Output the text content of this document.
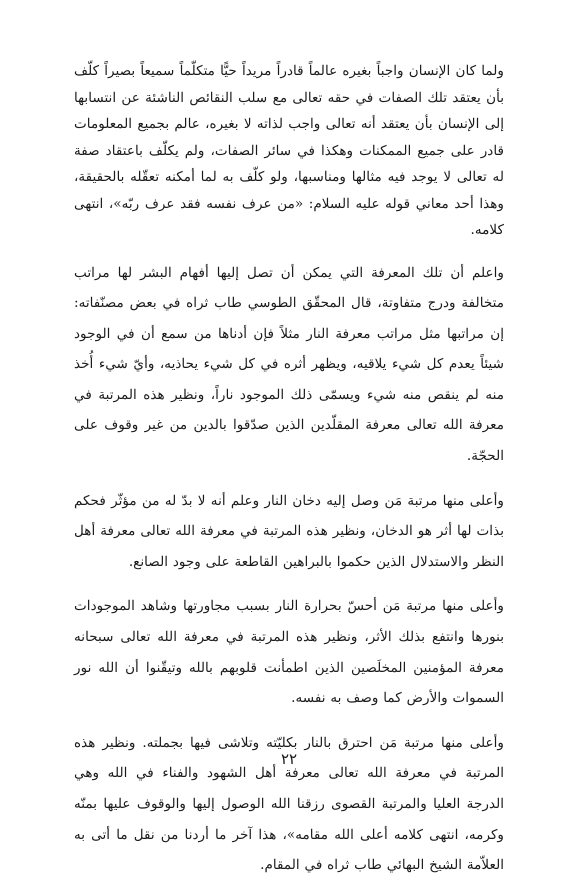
ولما كان الإنسان واجباً بغيره عالماً قادراً مريداً حيًّا متكلّماً سميعاً بصيراً كلّف بأن يعتقد تلك الصفات في حقه تعالى مع سلب النقائص الناشئة عن انتسابها إلى الإنسان بأن يعتقد أنه تعالى واجب لذاته لا بغيره، عالم بجميع المعلومات قادر على جميع الممكنات وهكذا في سائر الصفات، ولم يكلّف باعتقاد صفة له تعالى لا يوجد فيه مثالها ومناسبها، ولو كلّف به لما أمكنه تعقّله بالحقيقة، وهذا أحد معاني قوله عليه السلام: «من عرف نفسه فقد عرف ربّه»، انتهى كلامه.

واعلم أن تلك المعرفة التي يمكن أن تصل إليها أفهام البشر لها مراتب متخالفة ودرج متفاوتة، قال المحقّق الطوسي طاب ثراه في بعض مصنّفاته: إن مراتبها مثل مراتب معرفة النار مثلاً فإن أدناها من سمع أن في الوجود شيئاً يعدم كل شيء يلاقيه، ويظهر أثره في كل شيء يحاذيه، وأيّ شيء أُخذ منه لم ينقص منه شيء ويسمّى ذلك الموجود ناراً، ونظير هذه المرتبة في معرفة الله تعالى معرفة المقلّدين الذين صدّقوا بالدين من غير وقوف على الحجّة.

وأعلى منها مرتبة مَن وصل إليه دخان النار وعلم أنه لا بدّ له من مؤثّر فحكم بذات لها أثر هو الدخان، ونظير هذه المرتبة في معرفة الله تعالى معرفة أهل النظر والاستدلال الذين حكموا بالبراهين القاطعة على وجود الصانع.

وأعلى منها مرتبة مَن أحسّ بحرارة النار بسبب مجاورتها وشاهد الموجودات بنورها وانتفع بذلك الأثر، ونظير هذه المرتبة في معرفة الله تعالى سبحانه معرفة المؤمنين المخلَصين الذين اطمأنت قلوبهم بالله وتيقّنوا أن الله نور السموات والأرض كما وصف به نفسه.

وأعلى منها مرتبة مَن احترق بالنار بكليّته وتلاشى فيها بجملته. ونظير هذه المرتبة في معرفة الله تعالى معرفة أهل الشهود والفناء في الله وهي الدرجة العليا والمرتبة القصوى رزقنا الله الوصول إليها والوقوف عليها بمنّه وكرمه، انتهى كلامه أعلى الله مقامه»، هذا آخر ما أردنا من نقل ما أتى به العلاّمة الشيخ البهائي طاب ثراه في المقام.

٢٢
